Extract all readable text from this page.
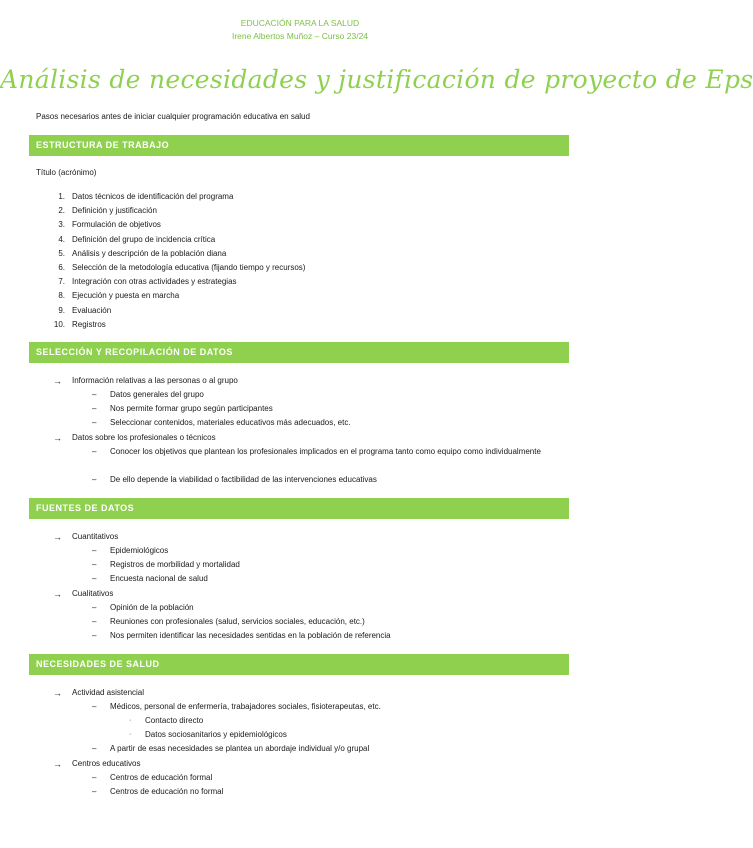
EDUCACIÓN PARA LA SALUD
Irene Albertos Muñoz – Curso 23/24
Análisis de necesidades y justificación de proyecto de Eps
Pasos necesarios antes de iniciar cualquier programación educativa en salud
ESTRUCTURA DE TRABAJO
Título (acrónimo)
1. Datos técnicos de identificación del programa
2. Definición y justificación
3. Formulación de objetivos
4. Definición del grupo de incidencia crítica
5. Análisis y descripción de la población diana
6. Selección de la metodología educativa (fijando tiempo y recursos)
7. Integración con otras actividades y estrategias
8. Ejecución y puesta en marcha
9. Evaluación
10. Registros
SELECCIÓN Y RECOPILACIÓN DE DATOS
→ Información relativas a las personas o al grupo
– Datos generales del grupo
– Nos permite formar grupo según participantes
– Seleccionar contenidos, materiales educativos más adecuados, etc.
→ Datos sobre los profesionales o técnicos
– Conocer los objetivos que plantean los profesionales implicados en el programa tanto como equipo como individualmente
– De ello depende la viabilidad o factibilidad de las intervenciones educativas
FUENTES DE DATOS
→ Cuantitativos
– Epidemiológicos
– Registros de morbilidad y mortalidad
– Encuesta nacional de salud
→ Cualitativos
– Opinión de la población
– Reuniones con profesionales (salud, servicios sociales, educación, etc.)
– Nos permiten identificar las necesidades sentidas en la población de referencia
NECESIDADES DE SALUD
→ Actividad asistencial
– Médicos, personal de enfermería, trabajadores sociales, fisioterapeutas, etc.
· Contacto directo
· Datos sociosanitarios y epidemiológicos
– A partir de esas necesidades se plantea un abordaje individual y/o grupal
→ Centros educativos
– Centros de educación formal
– Centros de educación no formal
